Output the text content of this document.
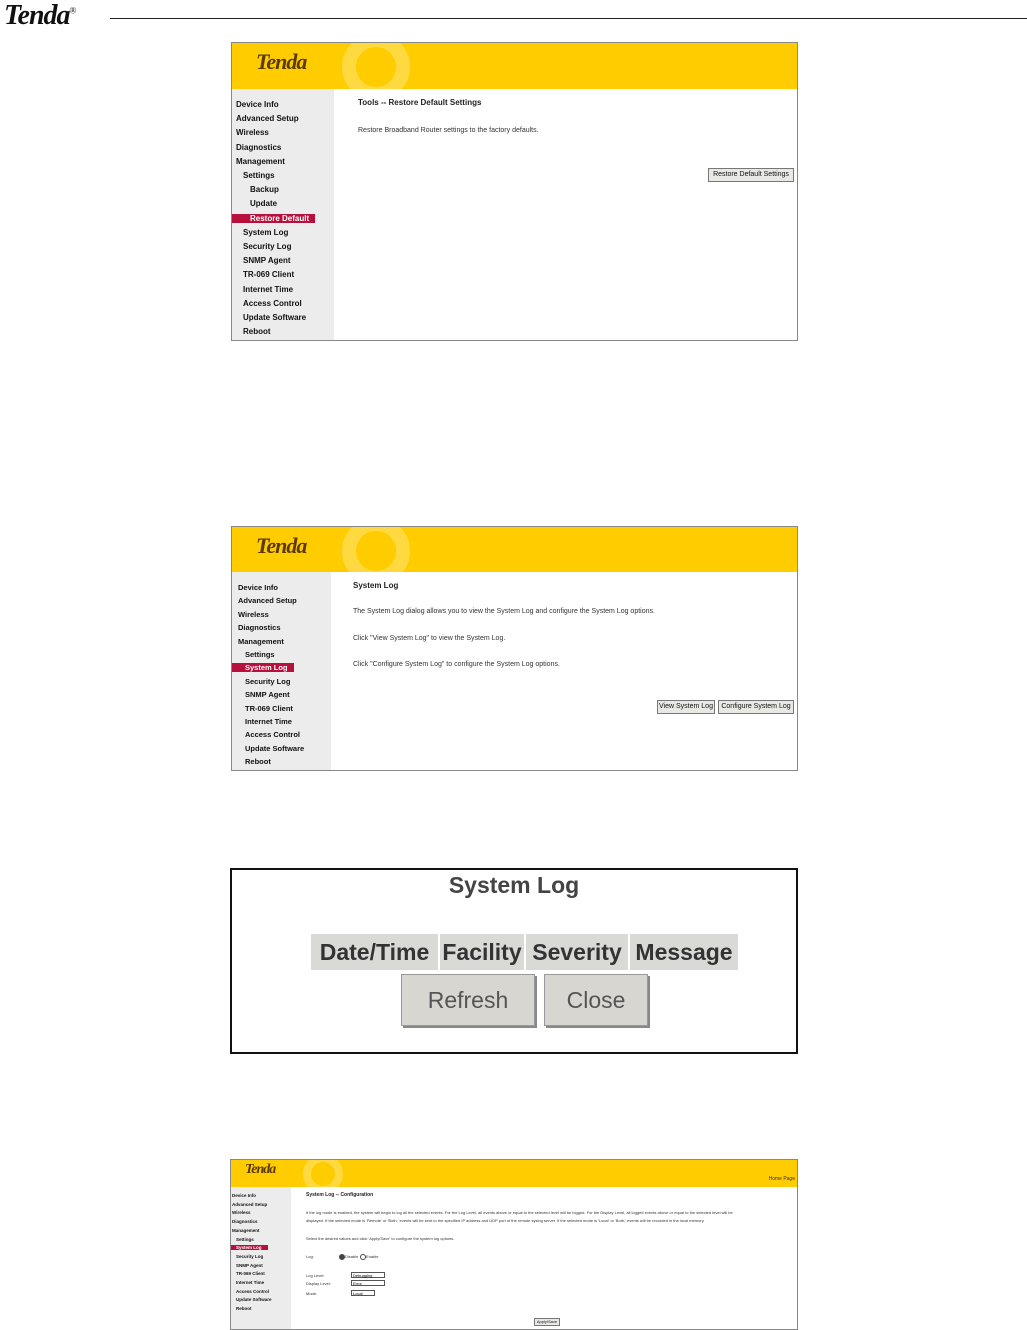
Tenda®
Tenda
Tools -- Restore Default Settings
Restore Broadband Router settings to the factory defaults.
Restore Default Settings
Device Info
Advanced Setup
Wireless
Diagnostics
Management
Settings
Backup
Update
Restore Default
System Log
Security Log
SNMP Agent
TR-069 Client
Internet Time
Access Control
Update Software
Reboot
Tenda
System Log
The System Log dialog allows you to view the System Log and configure the System Log options.
Click "View System Log" to view the System Log.
Click "Configure System Log" to configure the System Log options.
View System Log	Configure System Log
Device Info
Advanced Setup
Wireless
Diagnostics
Management
Settings
System Log
Security Log
SNMP Agent
TR-069 Client
Internet Time
Access Control
Update Software
Reboot
System Log
Date/Time Facility Severity Message
Refresh	Close
Tenda
Home Page
System Log -- Configuration
If the log mode is enabled, the system will begin to log all the selected events. For the Log Level, all events above or equal to the selected level will be logged. For the Display Level, all logged events above or equal to the selected level will be
displayed. If the selected mode is 'Remote' or 'Both,' events will be sent to the specified IP address and UDP port of the remote syslog server. If the selected mode is 'Local' or 'Both,' events will be recorded in the local memory.
Select the desired values and click 'Apply/Save' to configure the system log options.
Log:	Disable Enable
Log Level:	Debugging
Display Level:	Error
Mode:	Local
Apply/Save
Device Info
Advanced Setup
Wireless
Diagnostics
Management
Settings
System Log
Security Log
SNMP Agent
TR-069 Client
Internet Time
Access Control
Update Software
Reboot
